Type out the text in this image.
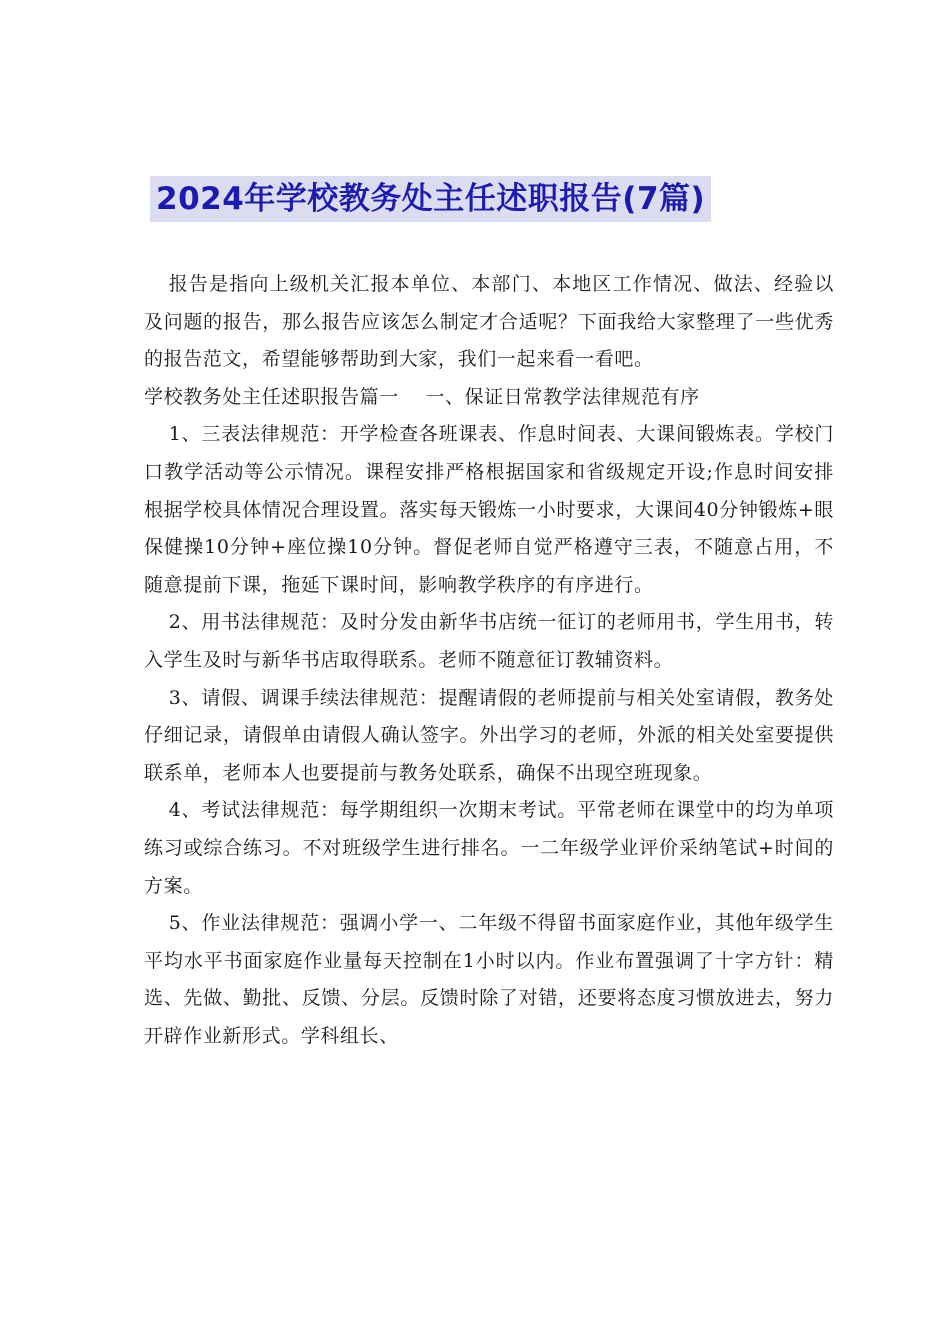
2024年学校教务处主任述职报告(7篇)

报告是指向上级机关汇报本单位、本部门、本地区工作情况、做法、经验以及问题的报告，那么报告应该怎么制定才合适呢？下面我给大家整理了一些优秀的报告范文，希望能够帮助到大家，我们一起来看一看吧。

学校教务处主任述职报告篇一    一、保证日常教学法律规范有序

1、三表法律规范：开学检查各班课表、作息时间表、大课间锻炼表。学校门口教学活动等公示情况。课程安排严格根据国家和省级规定开设;作息时间安排根据学校具体情况合理设置。落实每天锻炼一小时要求，大课间40分钟锻炼+眼保健操10分钟+座位操10分钟。督促老师自觉严格遵守三表，不随意占用，不随意提前下课，拖延下课时间，影响教学秩序的有序进行。

2、用书法律规范：及时分发由新华书店统一征订的老师用书，学生用书，转入学生及时与新华书店取得联系。老师不随意征订教辅资料。

3、请假、调课手续法律规范：提醒请假的老师提前与相关处室请假，教务处仔细记录，请假单由请假人确认签字。外出学习的老师，外派的相关处室要提供联系单，老师本人也要提前与教务处联系，确保不出现空班现象。

4、考试法律规范：每学期组织一次期末考试。平常老师在课堂中的均为单项练习或综合练习。不对班级学生进行排名。一二年级学业评价采纳笔试+时间的方案。

5、作业法律规范：强调小学一、二年级不得留书面家庭作业，其他年级学生平均水平书面家庭作业量每天控制在1小时以内。作业布置强调了十字方针：精选、先做、勤批、反馈、分层。反馈时除了对错，还要将态度习惯放进去，努力开辟作业新形式。学科组长、
